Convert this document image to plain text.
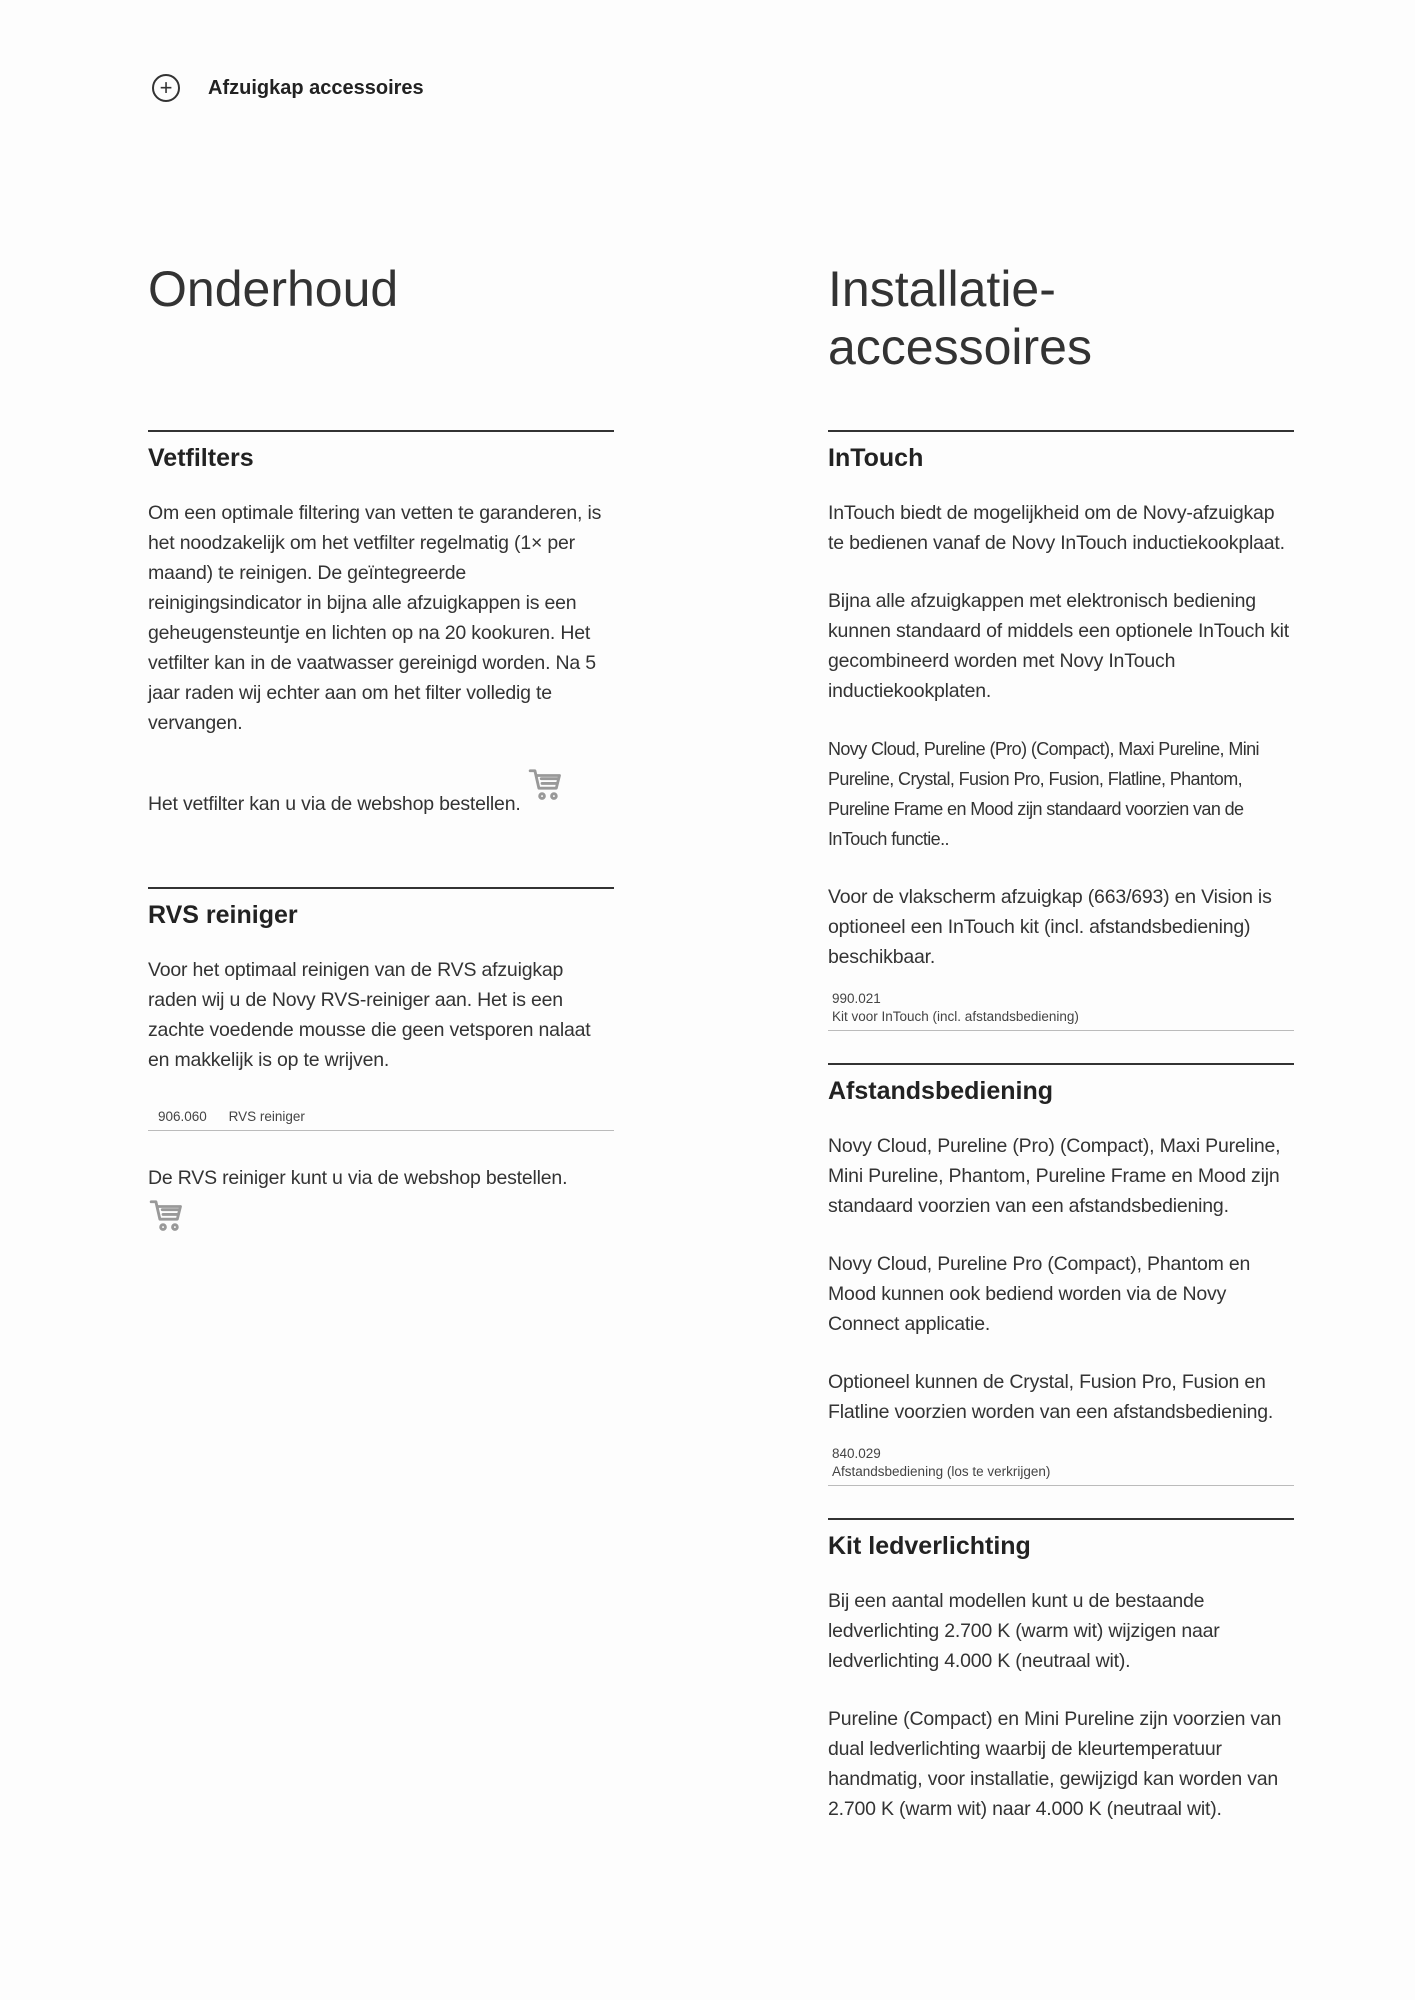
+	Afzuigkap accessoires
Onderhoud
Vetfilters

Om een optimale filtering van vetten te garanderen, is het noodzakelijk om het vetfilter regelmatig (1× per maand) te reinigen. De geïntegreerde reinigingsindicator in bijna alle afzuigkappen is een geheugensteuntje en lichten op na 20 kookuren. Het vetfilter kan in de vaatwasser gereinigd worden. Na 5 jaar raden wij echter aan om het filter volledig te vervangen.

Het vetfilter kan u via de webshop bestellen.

RVS reiniger

Voor het optimaal reinigen van de RVS afzuigkap raden wij u de Novy RVS-reiniger aan. Het is een zachte voedende mousse die geen vetsporen nalaat en makkelijk is op te wrijven.

906.060 RVS reiniger

De RVS reiniger kunt u via de webshop bestellen.

Installatie-accessoires
InTouch

InTouch biedt de mogelijkheid om de Novy-afzuigkap te bedienen vanaf de Novy InTouch inductiekookplaat.

Bijna alle afzuigkappen met elektronisch bediening kunnen standaard of middels een optionele InTouch kit gecombineerd worden met Novy InTouch inductiekookplaten.

Novy Cloud, Pureline (Pro) (Compact), Maxi Pureline, Mini Pureline, Crystal, Fusion Pro, Fusion, Flatline, Phantom, Pureline Frame en Mood zijn standaard voorzien van de InTouch functie..

Voor de vlakscherm afzuigkap (663/693) en Vision is optioneel een InTouch kit (incl. afstandsbediening) beschikbaar.

990.021
Kit voor InTouch (incl. afstandsbediening)
Afstandsbediening

Novy Cloud, Pureline (Pro) (Compact), Maxi Pureline, Mini Pureline, Phantom, Pureline Frame en Mood zijn standaard voorzien van een afstandsbediening.

Novy Cloud, Pureline Pro (Compact), Phantom en Mood kunnen ook bediend worden via de Novy Connect applicatie.

Optioneel kunnen de Crystal, Fusion Pro, Fusion en Flatline voorzien worden van een afstandsbediening.

840.029
Afstandsbediening (los te verkrijgen)
Kit ledverlichting

Bij een aantal modellen kunt u de bestaande ledverlichting 2.700 K (warm wit) wijzigen naar ledverlichting 4.000 K (neutraal wit).

Pureline (Compact) en Mini Pureline zijn voorzien van dual ledverlichting waarbij de kleurtemperatuur handmatig, voor installatie, gewijzigd kan worden van 2.700 K (warm wit) naar 4.000 K (neutraal wit).
